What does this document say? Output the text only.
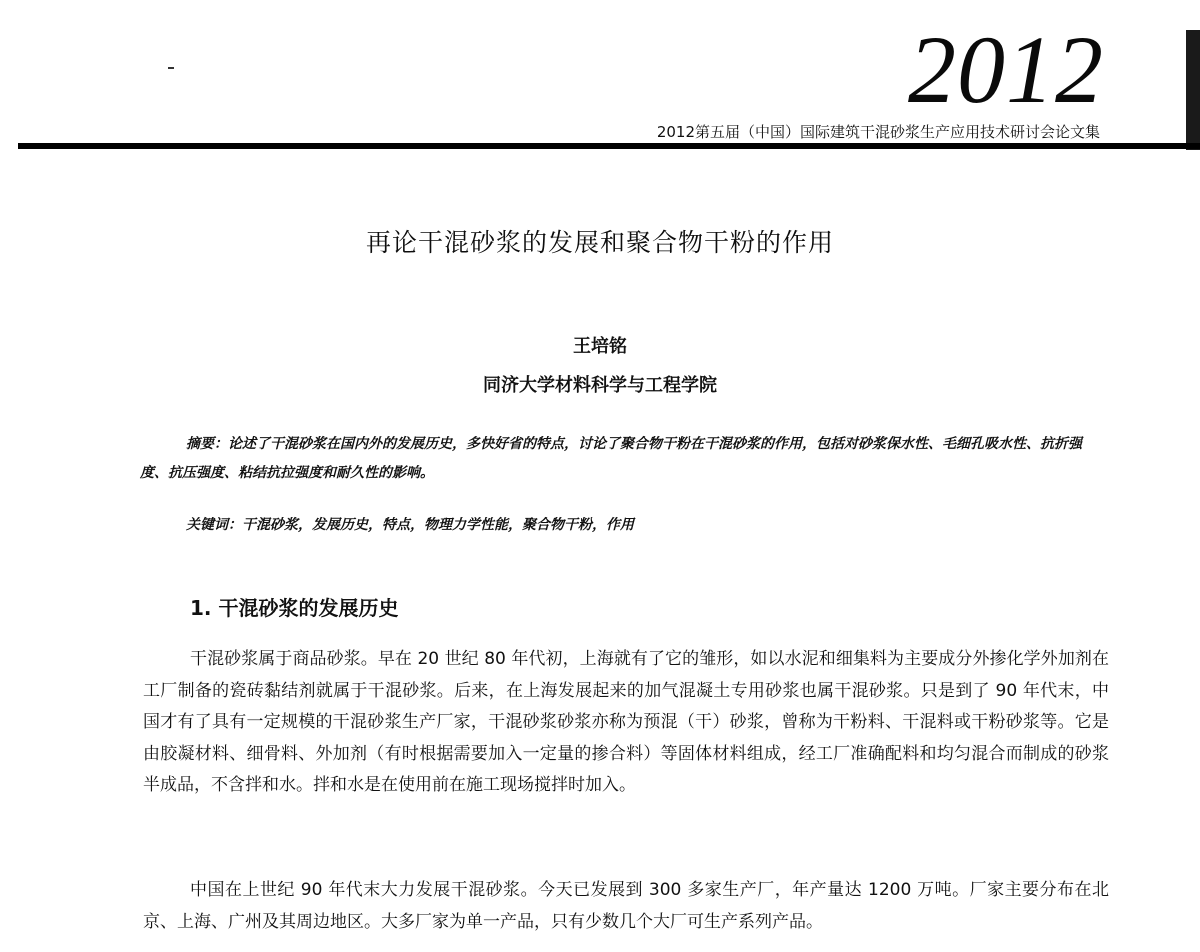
2012
2012第五届（中国）国际建筑干混砂浆生产应用技术研讨会论文集
再论干混砂浆的发展和聚合物干粉的作用
王培铭
同济大学材料科学与工程学院

摘要：论述了干混砂浆在国内外的发展历史，多快好省的特点，讨论了聚合物干粉在干混砂浆的作用，包括对砂浆保水性、毛细孔吸水性、抗折强度、抗压强度、粘结抗拉强度和耐久性的影响。

关键词：干混砂浆，发展历史，特点，物理力学性能，聚合物干粉，作用
1. 干混砂浆的发展历史

干混砂浆属于商品砂浆。早在 20 世纪 80 年代初，上海就有了它的雏形，如以水泥和细集料为主要成分外掺化学外加剂在工厂制备的瓷砖黏结剂就属于干混砂浆。后来，在上海发展起来的加气混凝土专用砂浆也属干混砂浆。只是到了 90 年代末，中国才有了具有一定规模的干混砂浆生产厂家，干混砂浆砂浆亦称为预混（干）砂浆，曾称为干粉料、干混料或干粉砂浆等。它是由胶凝材料、细骨料、外加剂（有时根据需要加入一定量的掺合料）等固体材料组成，经工厂准确配料和均匀混合而制成的砂浆半成品，不含拌和水。拌和水是在使用前在施工现场搅拌时加入。

中国在上世纪 90 年代末大力发展干混砂浆。今天已发展到 300 多家生产厂，年产量达 1200 万吨。厂家主要分布在北京、上海、广州及其周边地区。大多厂家为单一产品，只有少数几个大厂可生产系列产品。
